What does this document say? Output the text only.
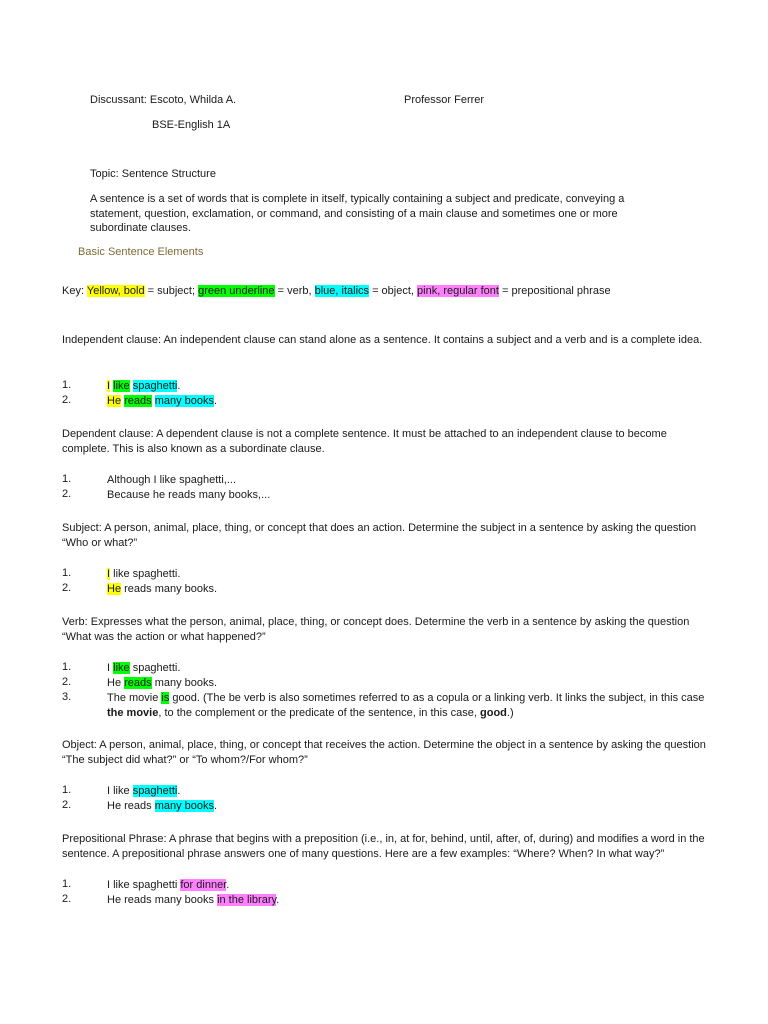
Discussant: Escoto, Whilda A.	Professor Ferrer
BSE-English 1A
Topic: Sentence Structure
A sentence is a set of words that is complete in itself, typically containing a subject and predicate, conveying a statement, question, exclamation, or command, and consisting of a main clause and sometimes one or more subordinate clauses.
Basic Sentence Elements
Key: Yellow, bold = subject; green underline = verb, blue, italics = object, pink, regular font = prepositional phrase
Independent clause: An independent clause can stand alone as a sentence. It contains a subject and a verb and is a complete idea.
1.	I like spaghetti.
2.	He reads many books.
Dependent clause: A dependent clause is not a complete sentence. It must be attached to an independent clause to become complete. This is also known as a subordinate clause.
1.	Although I like spaghetti,...
2.	Because he reads many books,...
Subject: A person, animal, place, thing, or concept that does an action. Determine the subject in a sentence by asking the question “Who or what?”
1.	I like spaghetti.
2.	He reads many books.
Verb: Expresses what the person, animal, place, thing, or concept does. Determine the verb in a sentence by asking the question “What was the action or what happened?”
1.	I like spaghetti.
2.	He reads many books.
3.	The movie is good. (The be verb is also sometimes referred to as a copula or a linking verb. It links the subject, in this case the movie, to the complement or the predicate of the sentence, in this case, good.)
Object: A person, animal, place, thing, or concept that receives the action. Determine the object in a sentence by asking the question “The subject did what?” or “To whom?/For whom?”
1.	I like spaghetti.
2.	He reads many books.
Prepositional Phrase: A phrase that begins with a preposition (i.e., in, at for, behind, until, after, of, during) and modifies a word in the sentence. A prepositional phrase answers one of many questions. Here are a few examples: “Where? When? In what way?”
1.	I like spaghetti for dinner.
2.	He reads many books in the library.
